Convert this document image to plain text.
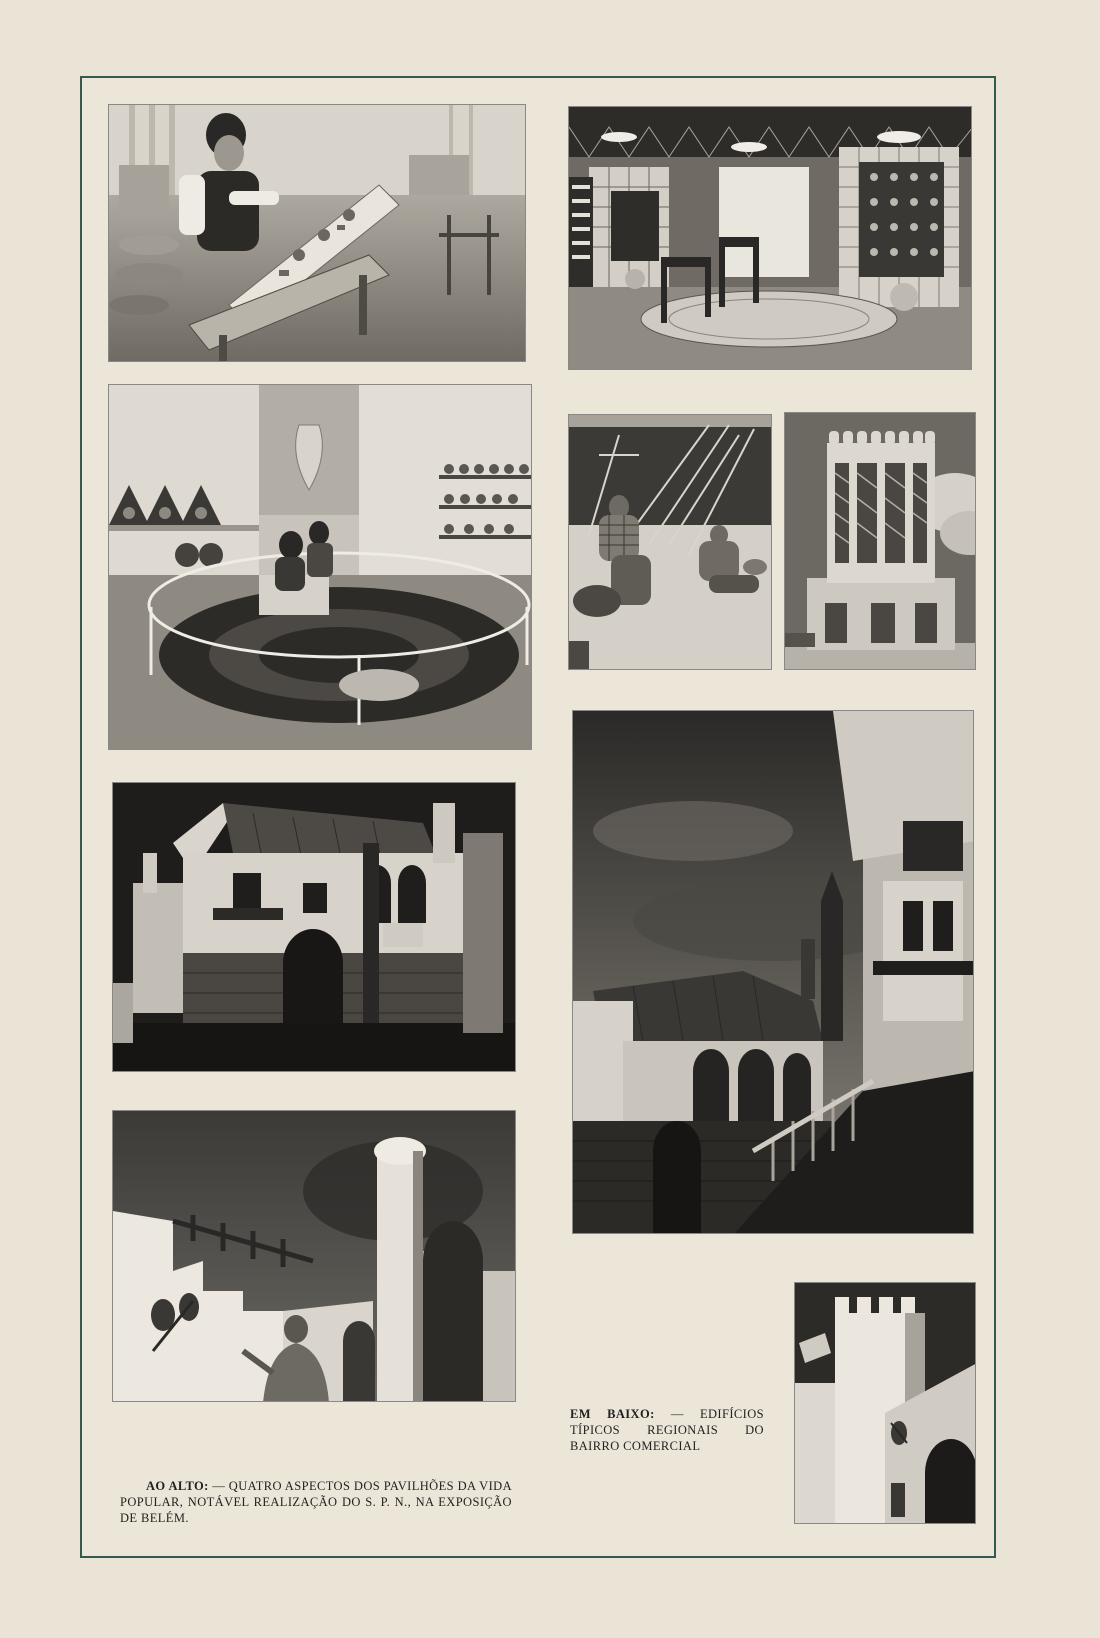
EM BAIXO: — EDIFÍCIOS TÍPICOS REGIONAIS DO BAIRRO COMERCIAL
AO ALTO: — QUATRO ASPECTOS DOS PAVILHÕES DA VIDA POPULAR, NOTÁVEL REALIZAÇÃO DO S. P. N., NA EXPOSIÇÃO DE BELÉM.
